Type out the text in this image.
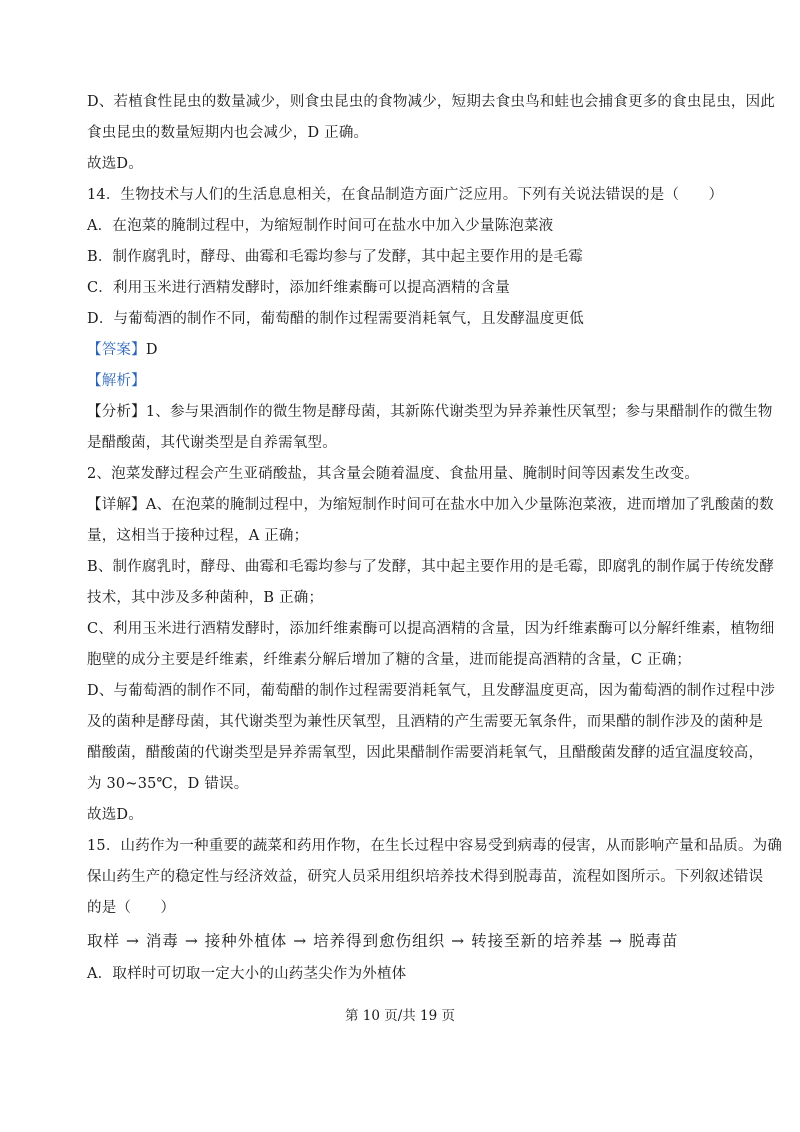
D、若植食性昆虫的数量减少，则食虫昆虫的食物减少，短期去食虫鸟和蛙也会捕食更多的食虫昆虫，因此
食虫昆虫的数量短期内也会减少，D 正确。
故选D。
14．生物技术与人们的生活息息相关，在食品制造方面广泛应用。下列有关说法错误的是（　　）
A．在泡菜的腌制过程中，为缩短制作时间可在盐水中加入少量陈泡菜液
B．制作腐乳时，酵母、曲霉和毛霉均参与了发酵，其中起主要作用的是毛霉
C．利用玉米进行酒精发酵时，添加纤维素酶可以提高酒精的含量
D．与葡萄酒的制作不同，葡萄醋的制作过程需要消耗氧气，且发酵温度更低
【答案】D
【解析】
【分析】1、参与果酒制作的微生物是酵母菌，其新陈代谢类型为异养兼性厌氧型；参与果醋制作的微生物
是醋酸菌，其代谢类型是自养需氧型。
2、泡菜发酵过程会产生亚硝酸盐，其含量会随着温度、食盐用量、腌制时间等因素发生改变。
【详解】A、在泡菜的腌制过程中，为缩短制作时间可在盐水中加入少量陈泡菜液，进而增加了乳酸菌的数
量，这相当于接种过程，A 正确；
B、制作腐乳时，酵母、曲霉和毛霉均参与了发酵，其中起主要作用的是毛霉，即腐乳的制作属于传统发酵
技术，其中涉及多种菌种，B 正确；
C、利用玉米进行酒精发酵时，添加纤维素酶可以提高酒精的含量，因为纤维素酶可以分解纤维素，植物细
胞壁的成分主要是纤维素，纤维素分解后增加了糖的含量，进而能提高酒精的含量，C 正确；
D、与葡萄酒的制作不同，葡萄醋的制作过程需要消耗氧气，且发酵温度更高，因为葡萄酒的制作过程中涉
及的菌种是酵母菌，其代谢类型为兼性厌氧型，且酒精的产生需要无氧条件，而果醋的制作涉及的菌种是
醋酸菌，醋酸菌的代谢类型是异养需氧型，因此果醋制作需要消耗氧气，且醋酸菌发酵的适宜温度较高，
为 30~35℃，D 错误。
故选D。
15．山药作为一种重要的蔬菜和药用作物，在生长过程中容易受到病毒的侵害，从而影响产量和品质。为确
保山药生产的稳定性与经济效益，研究人员采用组织培养技术得到脱毒苗，流程如图所示。下列叙述错误
的是（　　）
取样 → 消毒 → 接种外植体 → 培养得到愈伤组织 → 转接至新的培养基 → 脱毒苗
A．取样时可切取一定大小的山药茎尖作为外植体
第 10 页/共 19 页
